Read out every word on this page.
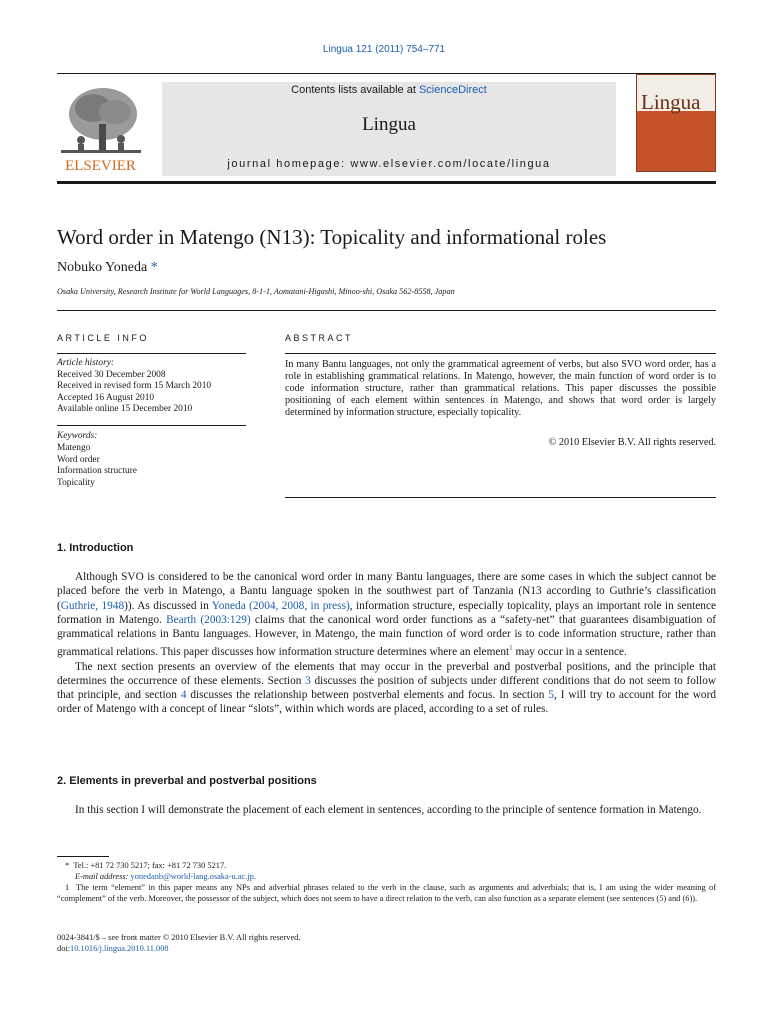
Lingua 121 (2011) 754–771
ELSEVIER
Contents lists available at ScienceDirect
Lingua
journal homepage: www.elsevier.com/locate/lingua
Lingua
Word order in Matengo (N13): Topicality and informational roles
Nobuko Yoneda *
Osaka University, Research Institute for World Languages, 8-1-1, Aomatani-Higashi, Minoo-shi, Osaka 562-8558, Japan
ARTICLE INFO
Article history:
Received 30 December 2008
Received in revised form 15 March 2010
Accepted 16 August 2010
Available online 15 December 2010
Keywords:
Matengo
Word order
Information structure
Topicality
ABSTRACT
In many Bantu languages, not only the grammatical agreement of verbs, but also SVO word order, has a role in establishing grammatical relations. In Matengo, however, the main function of word order is to code information structure, rather than grammatical relations. This paper discusses the possible positioning of each element within sentences in Matengo, and shows that word order is largely determined by information structure, especially topicality.
© 2010 Elsevier B.V. All rights reserved.
1. Introduction

Although SVO is considered to be the canonical word order in many Bantu languages, there are some cases in which the subject cannot be placed before the verb in Matengo, a Bantu language spoken in the southwest part of Tanzania (N13 according to Guthrie’s classification (Guthrie, 1948)). As discussed in Yoneda (2004, 2008, in press), information structure, especially topicality, plays an important role in sentence formation in Matengo. Bearth (2003:129) claims that the canonical word order functions as a “safety-net” that guarantees disambiguation of grammatical relations in Bantu languages. However, in Matengo, the main function of word order is to code information structure, rather than grammatical relations. This paper discusses how information structure determines where an element$^1$ may occur in a sentence.

The next section presents an overview of the elements that may occur in the preverbal and postverbal positions, and the principle that determines the occurrence of these elements. Section 3 discusses the position of subjects under different conditions that do not seem to follow that principle, and section 4 discusses the relationship between postverbal elements and focus. In section 5, I will try to account for the word order of Matengo with a concept of linear “slots”, within which words are placed, according to a set of rules.

2. Elements in preverbal and postverbal positions

In this section I will demonstrate the placement of each element in sentences, according to the principle of sentence formation in Matengo.

* Tel.: +81 72 730 5217; fax: +81 72 730 5217.
E-mail address: yonedanb@world-lang.osaka-u.ac.jp.
1 The term “element” in this paper means any NPs and adverbial phrases related to the verb in the clause, such as arguments and adverbials; that is, I am using the wider meaning of “complement” of the verb. Moreover, the possessor of the subject, which does not seem to have a direct relation to the verb, can also function as a separate element (see sentences (5) and (6)).
0024-3841/$ – see front matter © 2010 Elsevier B.V. All rights reserved.
doi:10.1016/j.lingua.2010.11.008
